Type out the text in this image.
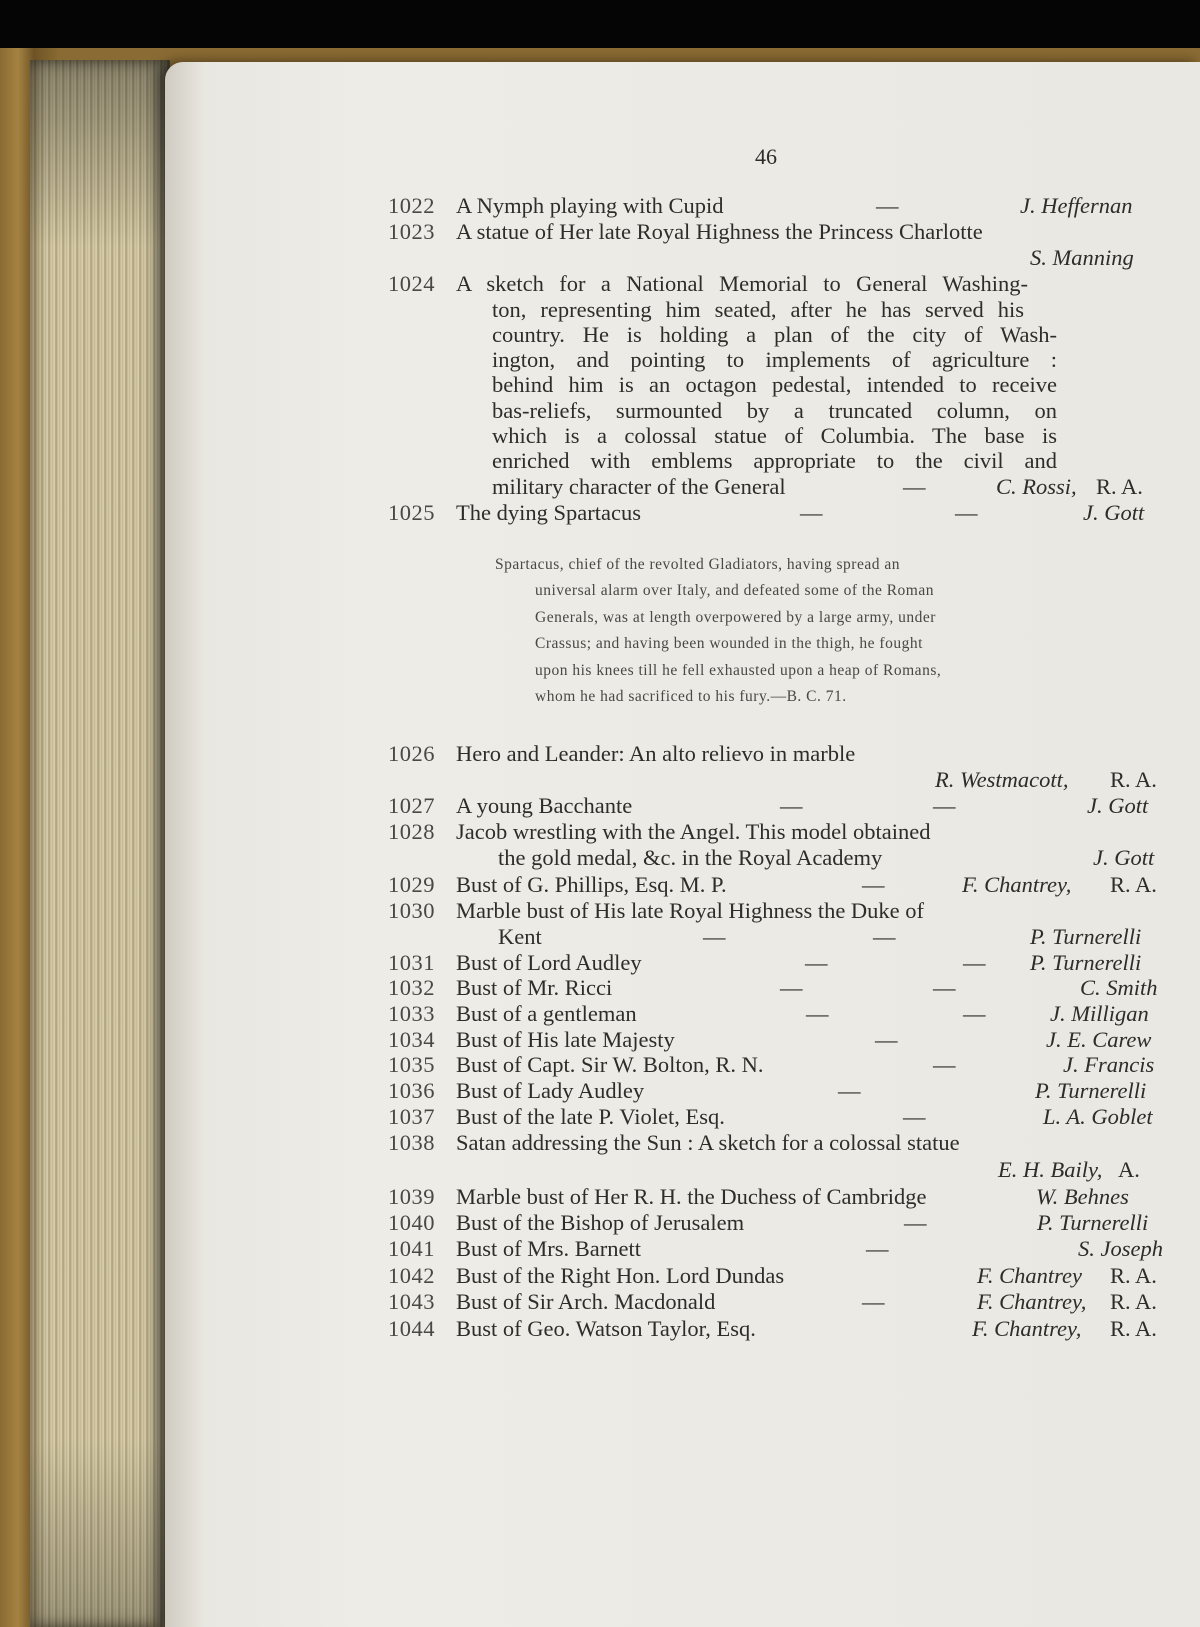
46
1022 A Nymph playing with Cupid	—	J. Heffernan
1023 A statue of Her late Royal Highness the Princess Charlotte
S. Manning
1024 A sketch for a National Memorial to General Washing-
ton, representing him seated, after he has served his
country. He is holding a plan of the city of Wash-
ington, and pointing to implements of agriculture :
behind him is an octagon pedestal, intended to receive
bas-reliefs, surmounted by a truncated column, on
which is a colossal statue of Columbia. The base is
enriched with emblems appropriate to the civil and
military character of the General	—	C. Rossi, R. A.
1025 The dying Spartacus	—	—	J. Gott
Spartacus, chief of the revolted Gladiators, having spread an
universal alarm over Italy, and defeated some of the Roman
Generals, was at length overpowered by a large army, under
Crassus; and having been wounded in the thigh, he fought
upon his knees till he fell exhausted upon a heap of Romans,
whom he had sacrificed to his fury.—B. C. 71.
1026 Hero and Leander: An alto relievo in marble
R. Westmacott, R. A.
1027 A young Bacchante	—	—	J. Gott
1028 Jacob wrestling with the Angel. This model obtained
the gold medal, &c. in the Royal Academy	J. Gott
1029 Bust of G. Phillips, Esq. M. P.	—	F. Chantrey, R. A.
1030 Marble bust of His late Royal Highness the Duke of
Kent	—	—	P. Turnerelli
1031 Bust of Lord Audley	—	— P. Turnerelli
1032 Bust of Mr. Ricci	—	—	C. Smith
1033 Bust of a gentleman	—	—	J. Milligan
1034 Bust of His late Majesty	—	J. E. Carew
1035 Bust of Capt. Sir W. Bolton, R. N.	—	J. Francis
1036 Bust of Lady Audley	—	P. Turnerelli
1037 Bust of the late P. Violet, Esq.	—	L. A. Goblet
1038 Satan addressing the Sun : A sketch for a colossal statue
E. H. Baily, A.
1039 Marble bust of Her R. H. the Duchess of Cambridge	W. Behnes
1040 Bust of the Bishop of Jerusalem	—	P. Turnerelli
1041 Bust of Mrs. Barnett	—	S. Joseph
1042 Bust of the Right Hon. Lord Dundas	F. Chantrey R. A.
1043 Bust of Sir Arch. Macdonald	—	F. Chantrey, R. A.
1044 Bust of Geo. Watson Taylor, Esq.	F. Chantrey, R. A.
